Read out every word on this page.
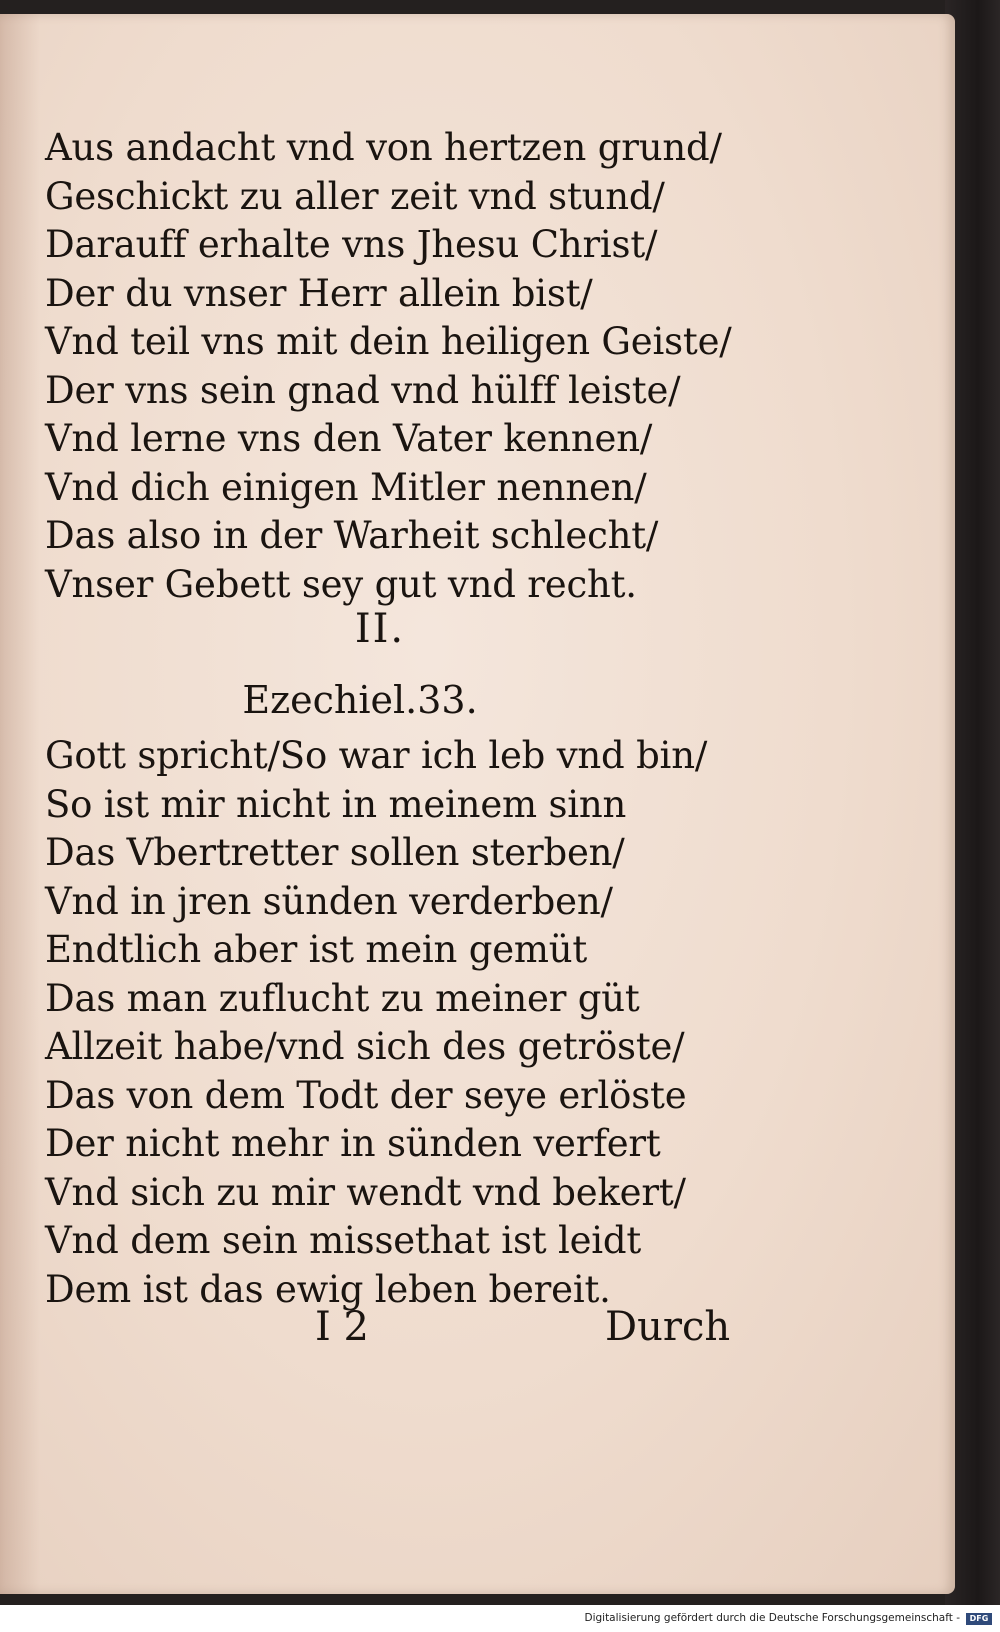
Aus andacht vnd von hertzen grund/
Geschickt zu aller zeit vnd stund/
Darauff erhalte vns Jhesu Christ/
Der du vnser Herr allein bist/
Vnd teil vns mit dein heiligen Geiste/
Der vns sein gnad vnd hülff leiste/
Vnd lerne vns den Vater kennen/
Vnd dich einigen Mitler nennen/
Das also in der Warheit schlecht/
Vnser Gebett sey gut vnd recht.
II.
Ezechiel.33.
Gott spricht/So war ich leb vnd bin/
So ist mir nicht in meinem sinn
Das Vbertretter sollen sterben/
Vnd in jren sünden verderben/
Endtlich aber ist mein gemüt
Das man zuflucht zu meiner güt
Allzeit habe/vnd sich des getröste/
Das von dem Todt der seye erlöste
Der nicht mehr in sünden verfert
Vnd sich zu mir wendt vnd bekert/
Vnd dem sein missethat ist leidt
Dem ist das ewig leben bereit.
I 2	Durch
Digitalisierung gefördert durch die Deutsche Forschungsgemeinschaft -	DFG
